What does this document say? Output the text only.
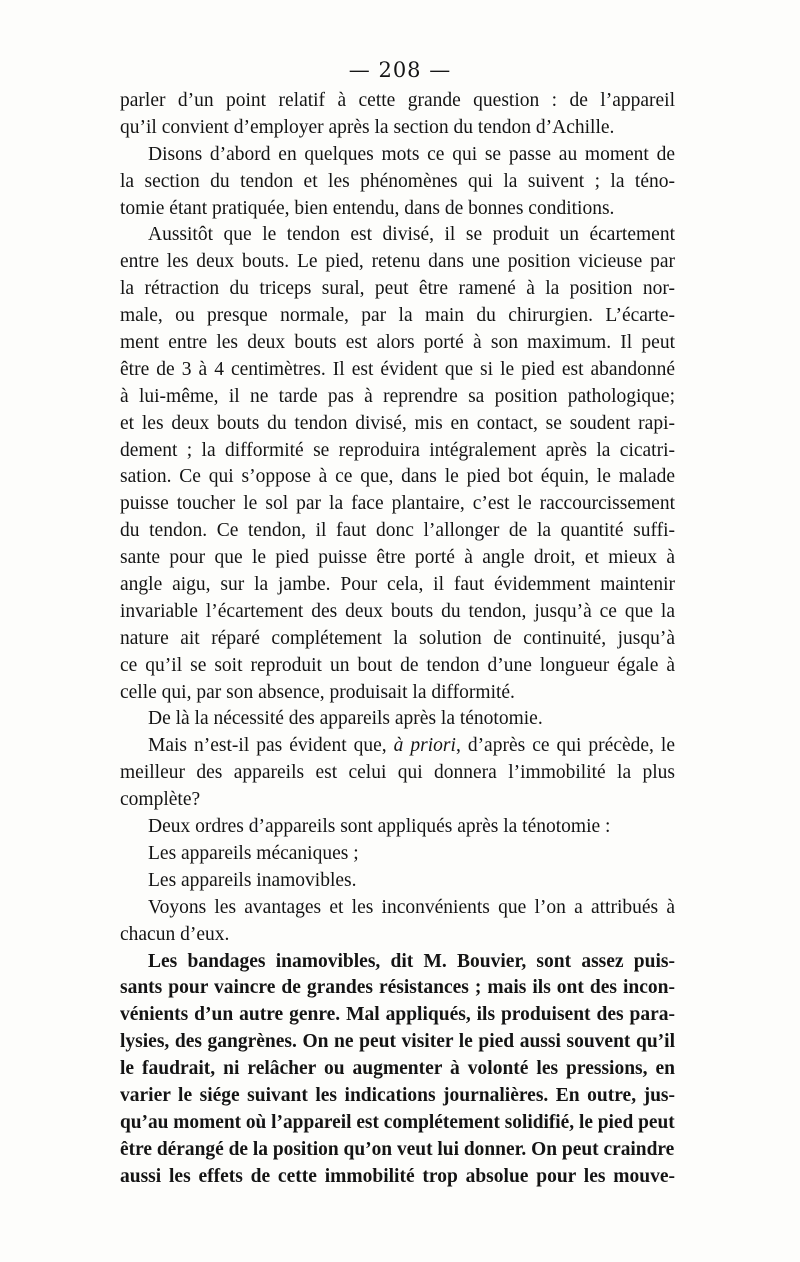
— 208 —
parler d’un point relatif à cette grande question : de l’appareil
qu’il convient d’employer après la section du tendon d’Achille.
Disons d’abord en quelques mots ce qui se passe au moment de
la section du tendon et les phénomènes qui la suivent ; la téno-
tomie étant pratiquée, bien entendu, dans de bonnes conditions.
Aussitôt que le tendon est divisé, il se produit un écartement
entre les deux bouts. Le pied, retenu dans une position vicieuse par
la rétraction du triceps sural, peut être ramené à la position nor-
male, ou presque normale, par la main du chirurgien. L’écarte-
ment entre les deux bouts est alors porté à son maximum. Il peut
être de 3 à 4 centimètres. Il est évident que si le pied est abandonné
à lui-même, il ne tarde pas à reprendre sa position pathologique;
et les deux bouts du tendon divisé, mis en contact, se soudent rapi-
dement ; la difformité se reproduira intégralement après la cicatri-
sation. Ce qui s’oppose à ce que, dans le pied bot équin, le malade
puisse toucher le sol par la face plantaire, c’est le raccourcissement
du tendon. Ce tendon, il faut donc l’allonger de la quantité suffi-
sante pour que le pied puisse être porté à angle droit, et mieux à
angle aigu, sur la jambe. Pour cela, il faut évidemment maintenir
invariable l’écartement des deux bouts du tendon, jusqu’à ce que la
nature ait réparé complétement la solution de continuité, jusqu’à
ce qu’il se soit reproduit un bout de tendon d’une longueur égale à
celle qui, par son absence, produisait la difformité.
De là la nécessité des appareils après la ténotomie.
Mais n’est-il pas évident que, à priori, d’après ce qui précède, le
meilleur des appareils est celui qui donnera l’immobilité la plus
complète?
Deux ordres d’appareils sont appliqués après la ténotomie :
Les appareils mécaniques ;
Les appareils inamovibles.
Voyons les avantages et les inconvénients que l’on a attribués à
chacun d’eux.
Les bandages inamovibles, dit M. Bouvier, sont assez puis-
sants pour vaincre de grandes résistances ; mais ils ont des incon-
vénients d’un autre genre. Mal appliqués, ils produisent des para-
lysies, des gangrènes. On ne peut visiter le pied aussi souvent qu’il
le faudrait, ni relâcher ou augmenter à volonté les pressions, en
varier le siége suivant les indications journalières. En outre, jus-
qu’au moment où l’appareil est complétement solidifié, le pied peut
être dérangé de la position qu’on veut lui donner. On peut craindre
aussi les effets de cette immobilité trop absolue pour les mouve-
